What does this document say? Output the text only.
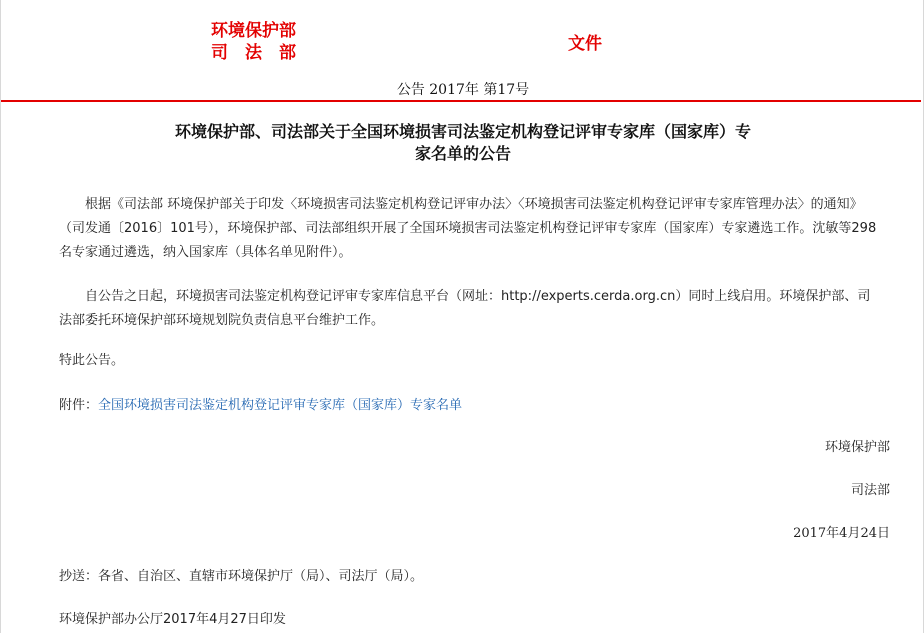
环境保护部
司　法　部	文件
公告 2017年 第17号
环境保护部、司法部关于全国环境损害司法鉴定机构登记评审专家库（国家库）专
家名单的公告
根据《司法部 环境保护部关于印发〈环境损害司法鉴定机构登记评审办法〉〈环境损害司法鉴定机构登记评审专家库管理办法〉的通知》（司发通〔2016〕101号），环境保护部、司法部组织开展了全国环境损害司法鉴定机构登记评审专家库（国家库）专家遴选工作。沈敏等298名专家通过遴选，纳入国家库（具体名单见附件）。
自公告之日起，环境损害司法鉴定机构登记评审专家库信息平台（网址：http://experts.cerda.org.cn）同时上线启用。环境保护部、司法部委托环境保护部环境规划院负责信息平台维护工作。
特此公告。
附件：全国环境损害司法鉴定机构登记评审专家库（国家库）专家名单
环境保护部
司法部
2017年4月24日
抄送：各省、自治区、直辖市环境保护厅（局）、司法厅（局）。
环境保护部办公厅2017年4月27日印发
